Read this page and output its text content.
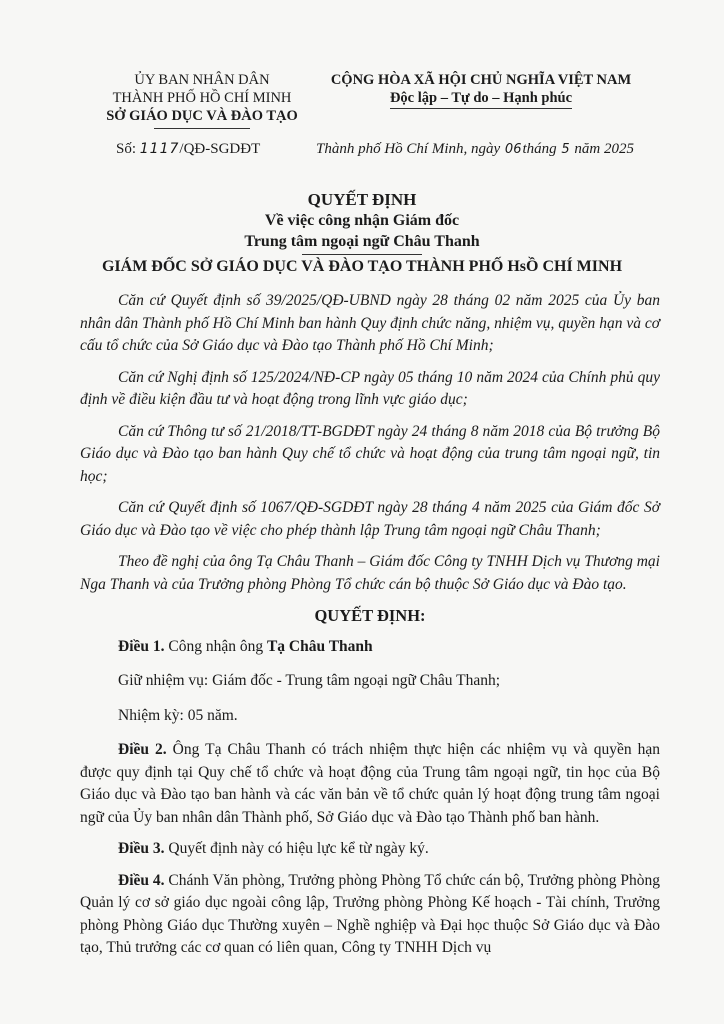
ỦY BAN NHÂN DÂN
THÀNH PHỐ HỒ CHÍ MINH
SỞ GIÁO DỤC VÀ ĐÀO TẠO
CỘNG HÒA XÃ HỘI CHỦ NGHĨA VIỆT NAM
Độc lập – Tự do – Hạnh phúc
Số: 1117/QĐ-SGDĐT	Thành phố Hồ Chí Minh, ngày 06tháng 5 năm 2025
QUYẾT ĐỊNH
Về việc công nhận Giám đốc
Trung tâm ngoại ngữ Châu Thanh
GIÁM ĐỐC SỞ GIÁO DỤC VÀ ĐÀO TẠO THÀNH PHỐ HsỒ CHÍ MINH

Căn cứ Quyết định số 39/2025/QĐ-UBND ngày 28 tháng 02 năm 2025 của Ủy ban nhân dân Thành phố Hồ Chí Minh ban hành Quy định chức năng, nhiệm vụ, quyền hạn và cơ cấu tổ chức của Sở Giáo dục và Đào tạo Thành phố Hồ Chí Minh;

Căn cứ Nghị định số 125/2024/NĐ-CP ngày 05 tháng 10 năm 2024 của Chính phủ quy định về điều kiện đầu tư và hoạt động trong lĩnh vực giáo dục;

Căn cứ Thông tư số 21/2018/TT-BGDĐT ngày 24 tháng 8 năm 2018 của Bộ trưởng Bộ Giáo dục và Đào tạo ban hành Quy chế tổ chức và hoạt động của trung tâm ngoại ngữ, tin học;

Căn cứ Quyết định số 1067/QĐ-SGDĐT ngày 28 tháng 4 năm 2025 của Giám đốc Sở Giáo dục và Đào tạo về việc cho phép thành lập Trung tâm ngoại ngữ Châu Thanh;

Theo đề nghị của ông Tạ Châu Thanh – Giám đốc Công ty TNHH Dịch vụ Thương mại Nga Thanh và của Trưởng phòng Phòng Tổ chức cán bộ thuộc Sở Giáo dục và Đào tạo.

QUYẾT ĐỊNH:

Điều 1. Công nhận ông Tạ Châu Thanh

Giữ nhiệm vụ: Giám đốc - Trung tâm ngoại ngữ Châu Thanh;

Nhiệm kỳ: 05 năm.

Điều 2. Ông Tạ Châu Thanh có trách nhiệm thực hiện các nhiệm vụ và quyền hạn được quy định tại Quy chế tổ chức và hoạt động của Trung tâm ngoại ngữ, tin học của Bộ Giáo dục và Đào tạo ban hành và các văn bản về tổ chức quản lý hoạt động trung tâm ngoại ngữ của Ủy ban nhân dân Thành phố, Sở Giáo dục và Đào tạo Thành phố ban hành.

Điều 3. Quyết định này có hiệu lực kể từ ngày ký.

Điều 4. Chánh Văn phòng, Trưởng phòng Phòng Tổ chức cán bộ, Trưởng phòng Phòng Quản lý cơ sở giáo dục ngoài công lập, Trưởng phòng Phòng Kế hoạch - Tài chính, Trưởng phòng Phòng Giáo dục Thường xuyên – Nghề nghiệp và Đại học thuộc Sở Giáo dục và Đào tạo, Thủ trưởng các cơ quan có liên quan, Công ty TNHH Dịch vụ
